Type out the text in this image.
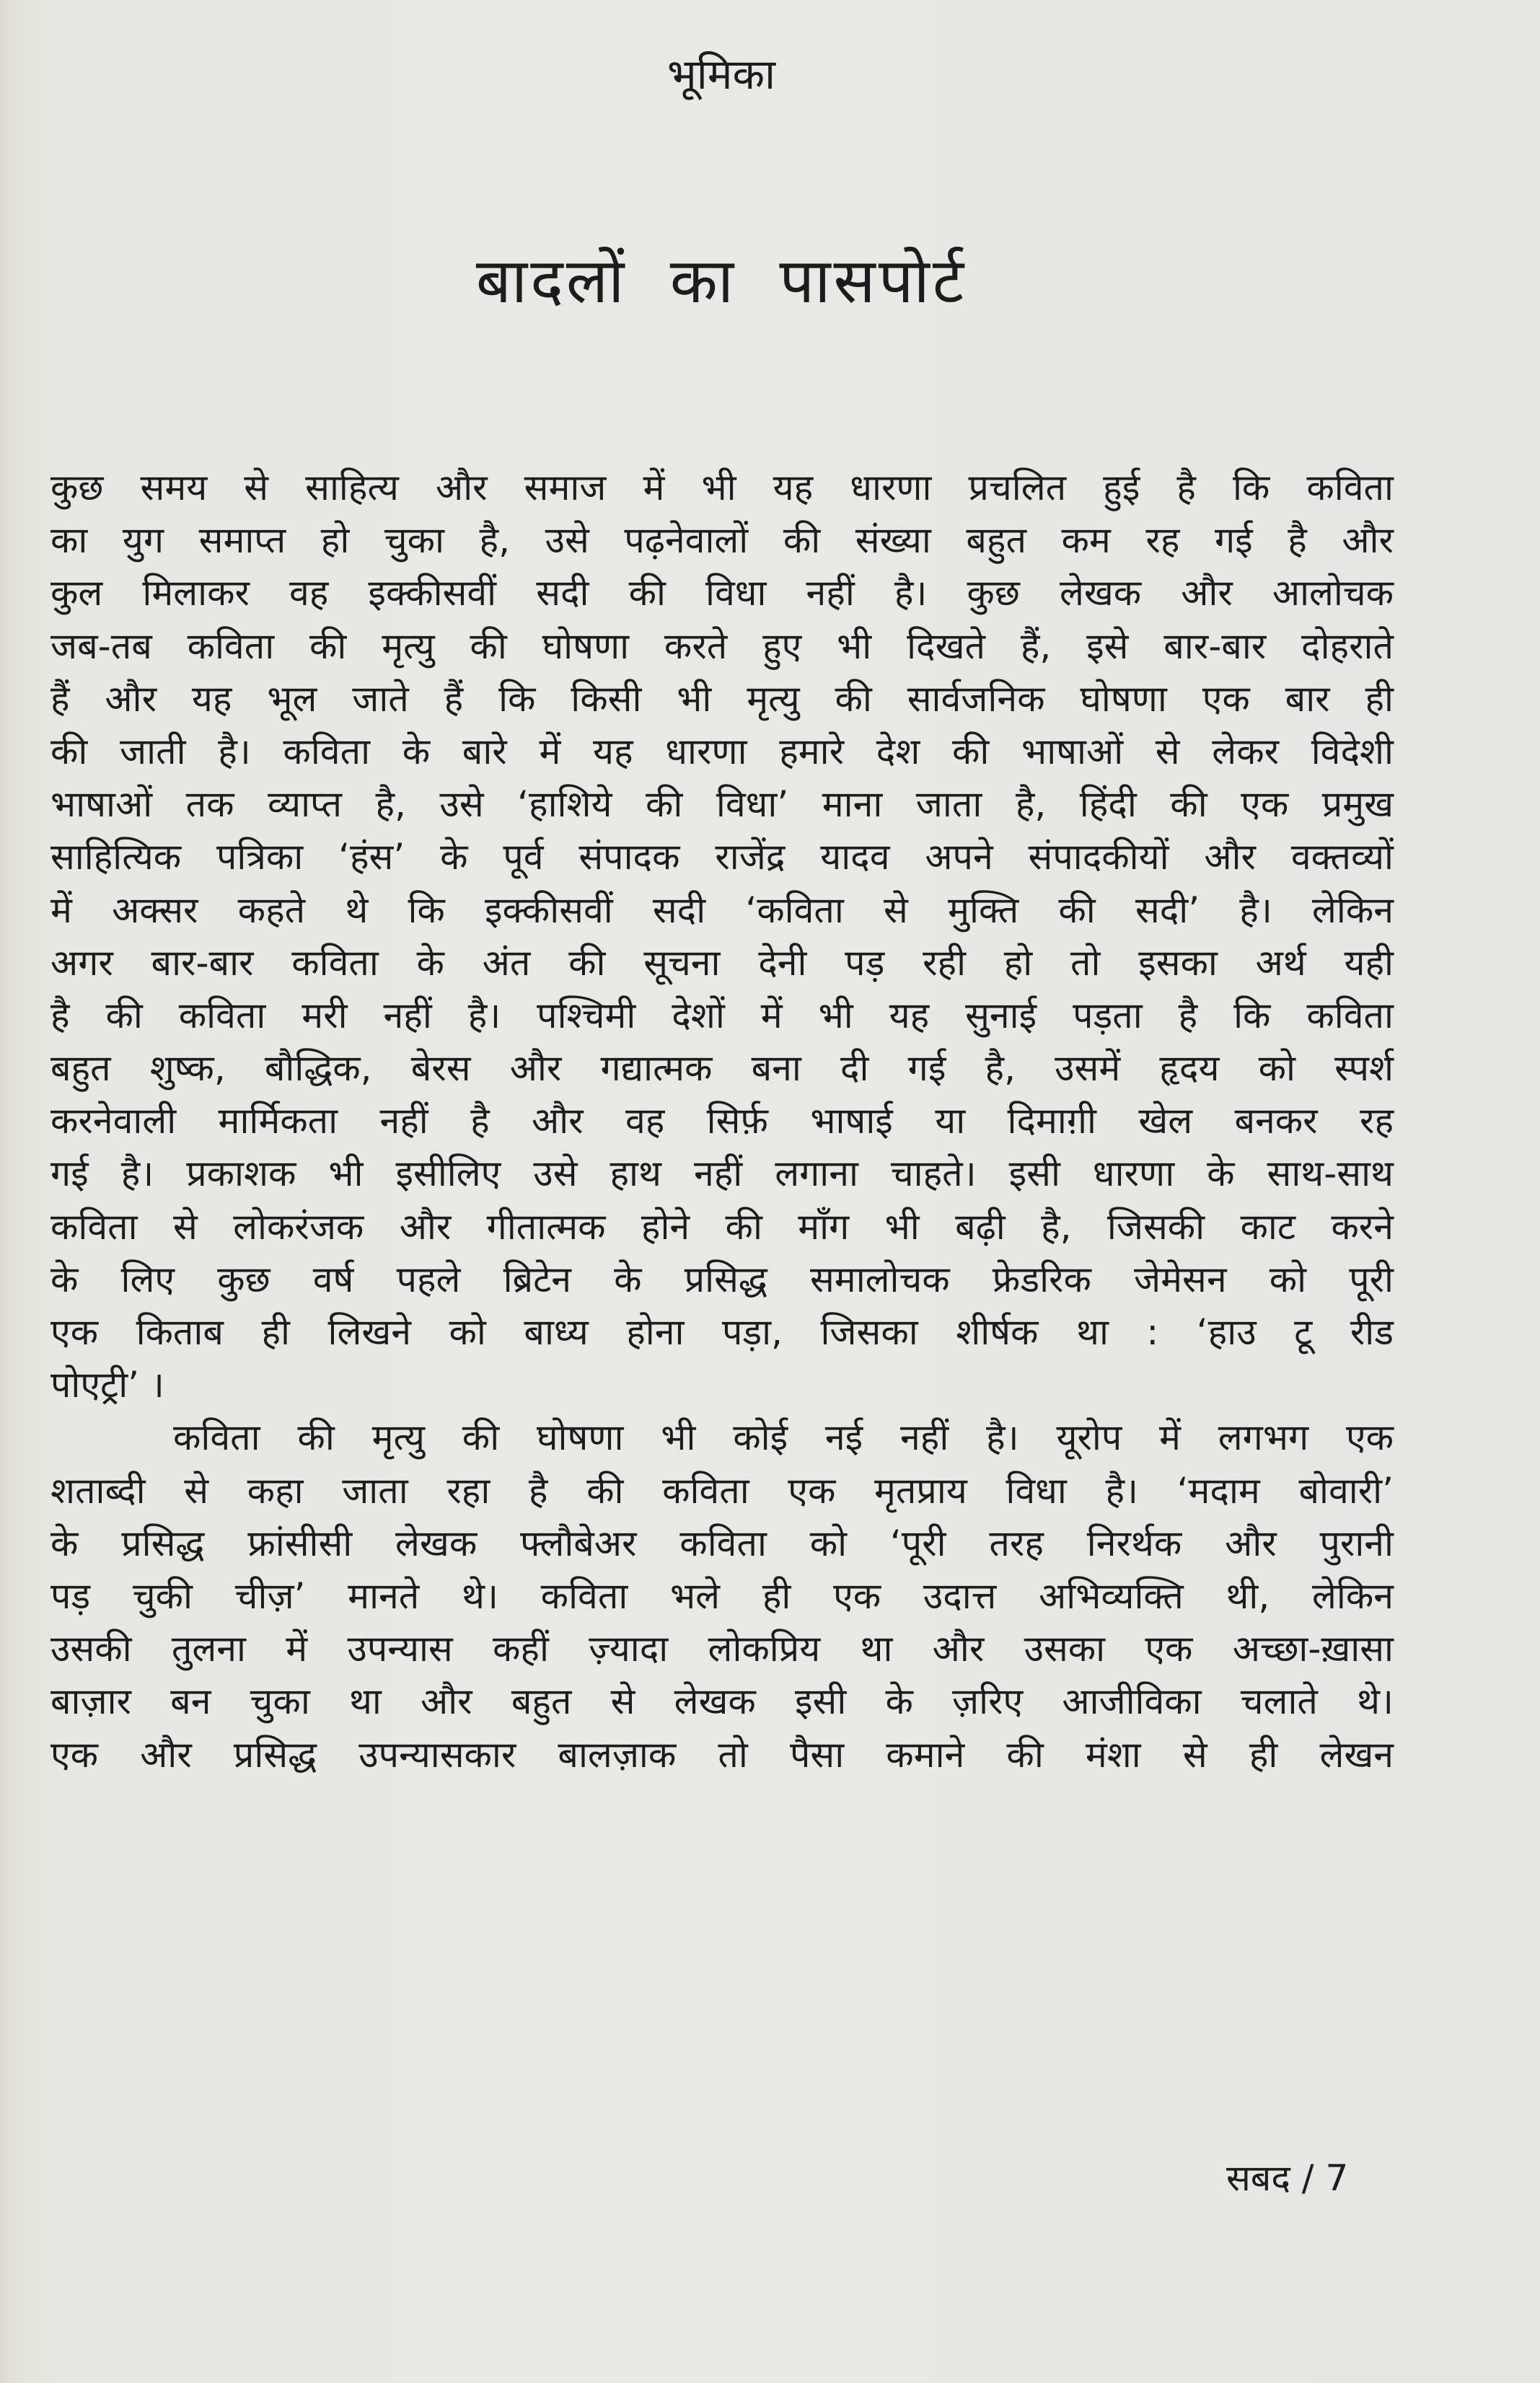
भूमिका
बादलों का पासपोर्ट
कुछ समय से साहित्य और समाज में भी यह धारणा प्रचलित हुई है कि कविता
का युग समाप्त हो चुका है, उसे पढ़नेवालों की संख्या बहुत कम रह गई है और
कुल मिलाकर वह इक्कीसवीं सदी की विधा नहीं है। कुछ लेखक और आलोचक
जब-तब कविता की मृत्यु की घोषणा करते हुए भी दिखते हैं, इसे बार-बार दोहराते
हैं और यह भूल जाते हैं कि किसी भी मृत्यु की सार्वजनिक घोषणा एक बार ही
की जाती है। कविता के बारे में यह धारणा हमारे देश की भाषाओं से लेकर विदेशी
भाषाओं तक व्याप्त है, उसे ‘हाशिये की विधा’ माना जाता है, हिंदी की एक प्रमुख
साहित्यिक पत्रिका ‘हंस’ के पूर्व संपादक राजेंद्र यादव अपने संपादकीयों और वक्तव्यों
में अक्सर कहते थे कि इक्कीसवीं सदी ‘कविता से मुक्ति की सदी’ है। लेकिन
अगर बार-बार कविता के अंत की सूचना देनी पड़ रही हो तो इसका अर्थ यही
है की कविता मरी नहीं है। पश्चिमी देशों में भी यह सुनाई पड़ता है कि कविता
बहुत शुष्क, बौद्धिक, बेरस और गद्यात्मक बना दी गई है, उसमें हृदय को स्पर्श
करनेवाली मार्मिकता नहीं है और वह सिर्फ़ भाषाई या दिमाग़ी खेल बनकर रह
गई है। प्रकाशक भी इसीलिए उसे हाथ नहीं लगाना चाहते। इसी धारणा के साथ-साथ
कविता से लोकरंजक और गीतात्मक होने की माँग भी बढ़ी है, जिसकी काट करने
के लिए कुछ वर्ष पहले ब्रिटेन के प्रसिद्ध समालोचक फ्रेडरिक जेमेसन को पूरी
एक किताब ही लिखने को बाध्य होना पड़ा, जिसका शीर्षक था : ‘हाउ टू रीड
पोएट्री’ ।
कविता की मृत्यु की घोषणा भी कोई नई नहीं है। यूरोप में लगभग एक
शताब्दी से कहा जाता रहा है की कविता एक मृतप्राय विधा है। ‘मदाम बोवारी’
के प्रसिद्ध फ्रांसीसी लेखक फ्लौबेअर कविता को ‘पूरी तरह निरर्थक और पुरानी
पड़ चुकी चीज़’ मानते थे। कविता भले ही एक उदात्त अभिव्यक्ति थी, लेकिन
उसकी तुलना में उपन्यास कहीं ज़्यादा लोकप्रिय था और उसका एक अच्छा-ख़ासा
बाज़ार बन चुका था और बहुत से लेखक इसी के ज़रिए आजीविका चलाते थे।
एक और प्रसिद्ध उपन्यासकार बालज़ाक तो पैसा कमाने की मंशा से ही लेखन
सबद / 7
